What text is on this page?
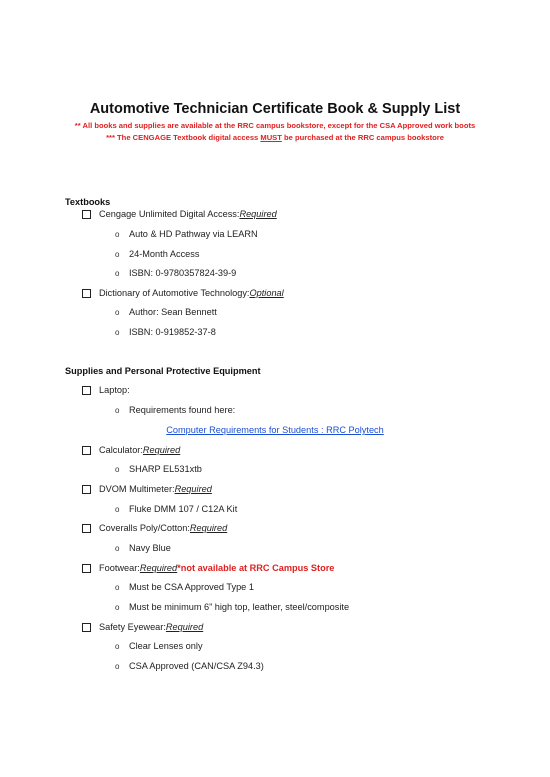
Automotive Technician Certificate Book & Supply List
** All books and supplies are available at the RRC campus bookstore, except for the CSA Approved work boots
*** The CENGAGE Textbook digital access MUST be purchased at the RRC campus bookstore
Textbooks
Cengage Unlimited Digital Access: Required
o	Auto & HD Pathway via LEARN
o	24-Month Access
o	ISBN: 0-9780357824-39-9
Dictionary of Automotive Technology: Optional
o	Author: Sean Bennett
o	ISBN: 0-919852-37-8
Supplies and Personal Protective Equipment
Laptop:
o	Requirements found here:
Computer Requirements for Students : RRC Polytech
Calculator: Required
o	SHARP EL531xtb
DVOM Multimeter: Required
o	Fluke DMM 107 / C12A Kit
Coveralls Poly/Cotton: Required
o	Navy Blue
Footwear: Required *not available at RRC Campus Store
o	Must be CSA Approved Type 1
o	Must be minimum 6” high top, leather, steel/composite
Safety Eyewear: Required
o	Clear Lenses only
o	CSA Approved (CAN/CSA Z94.3)
